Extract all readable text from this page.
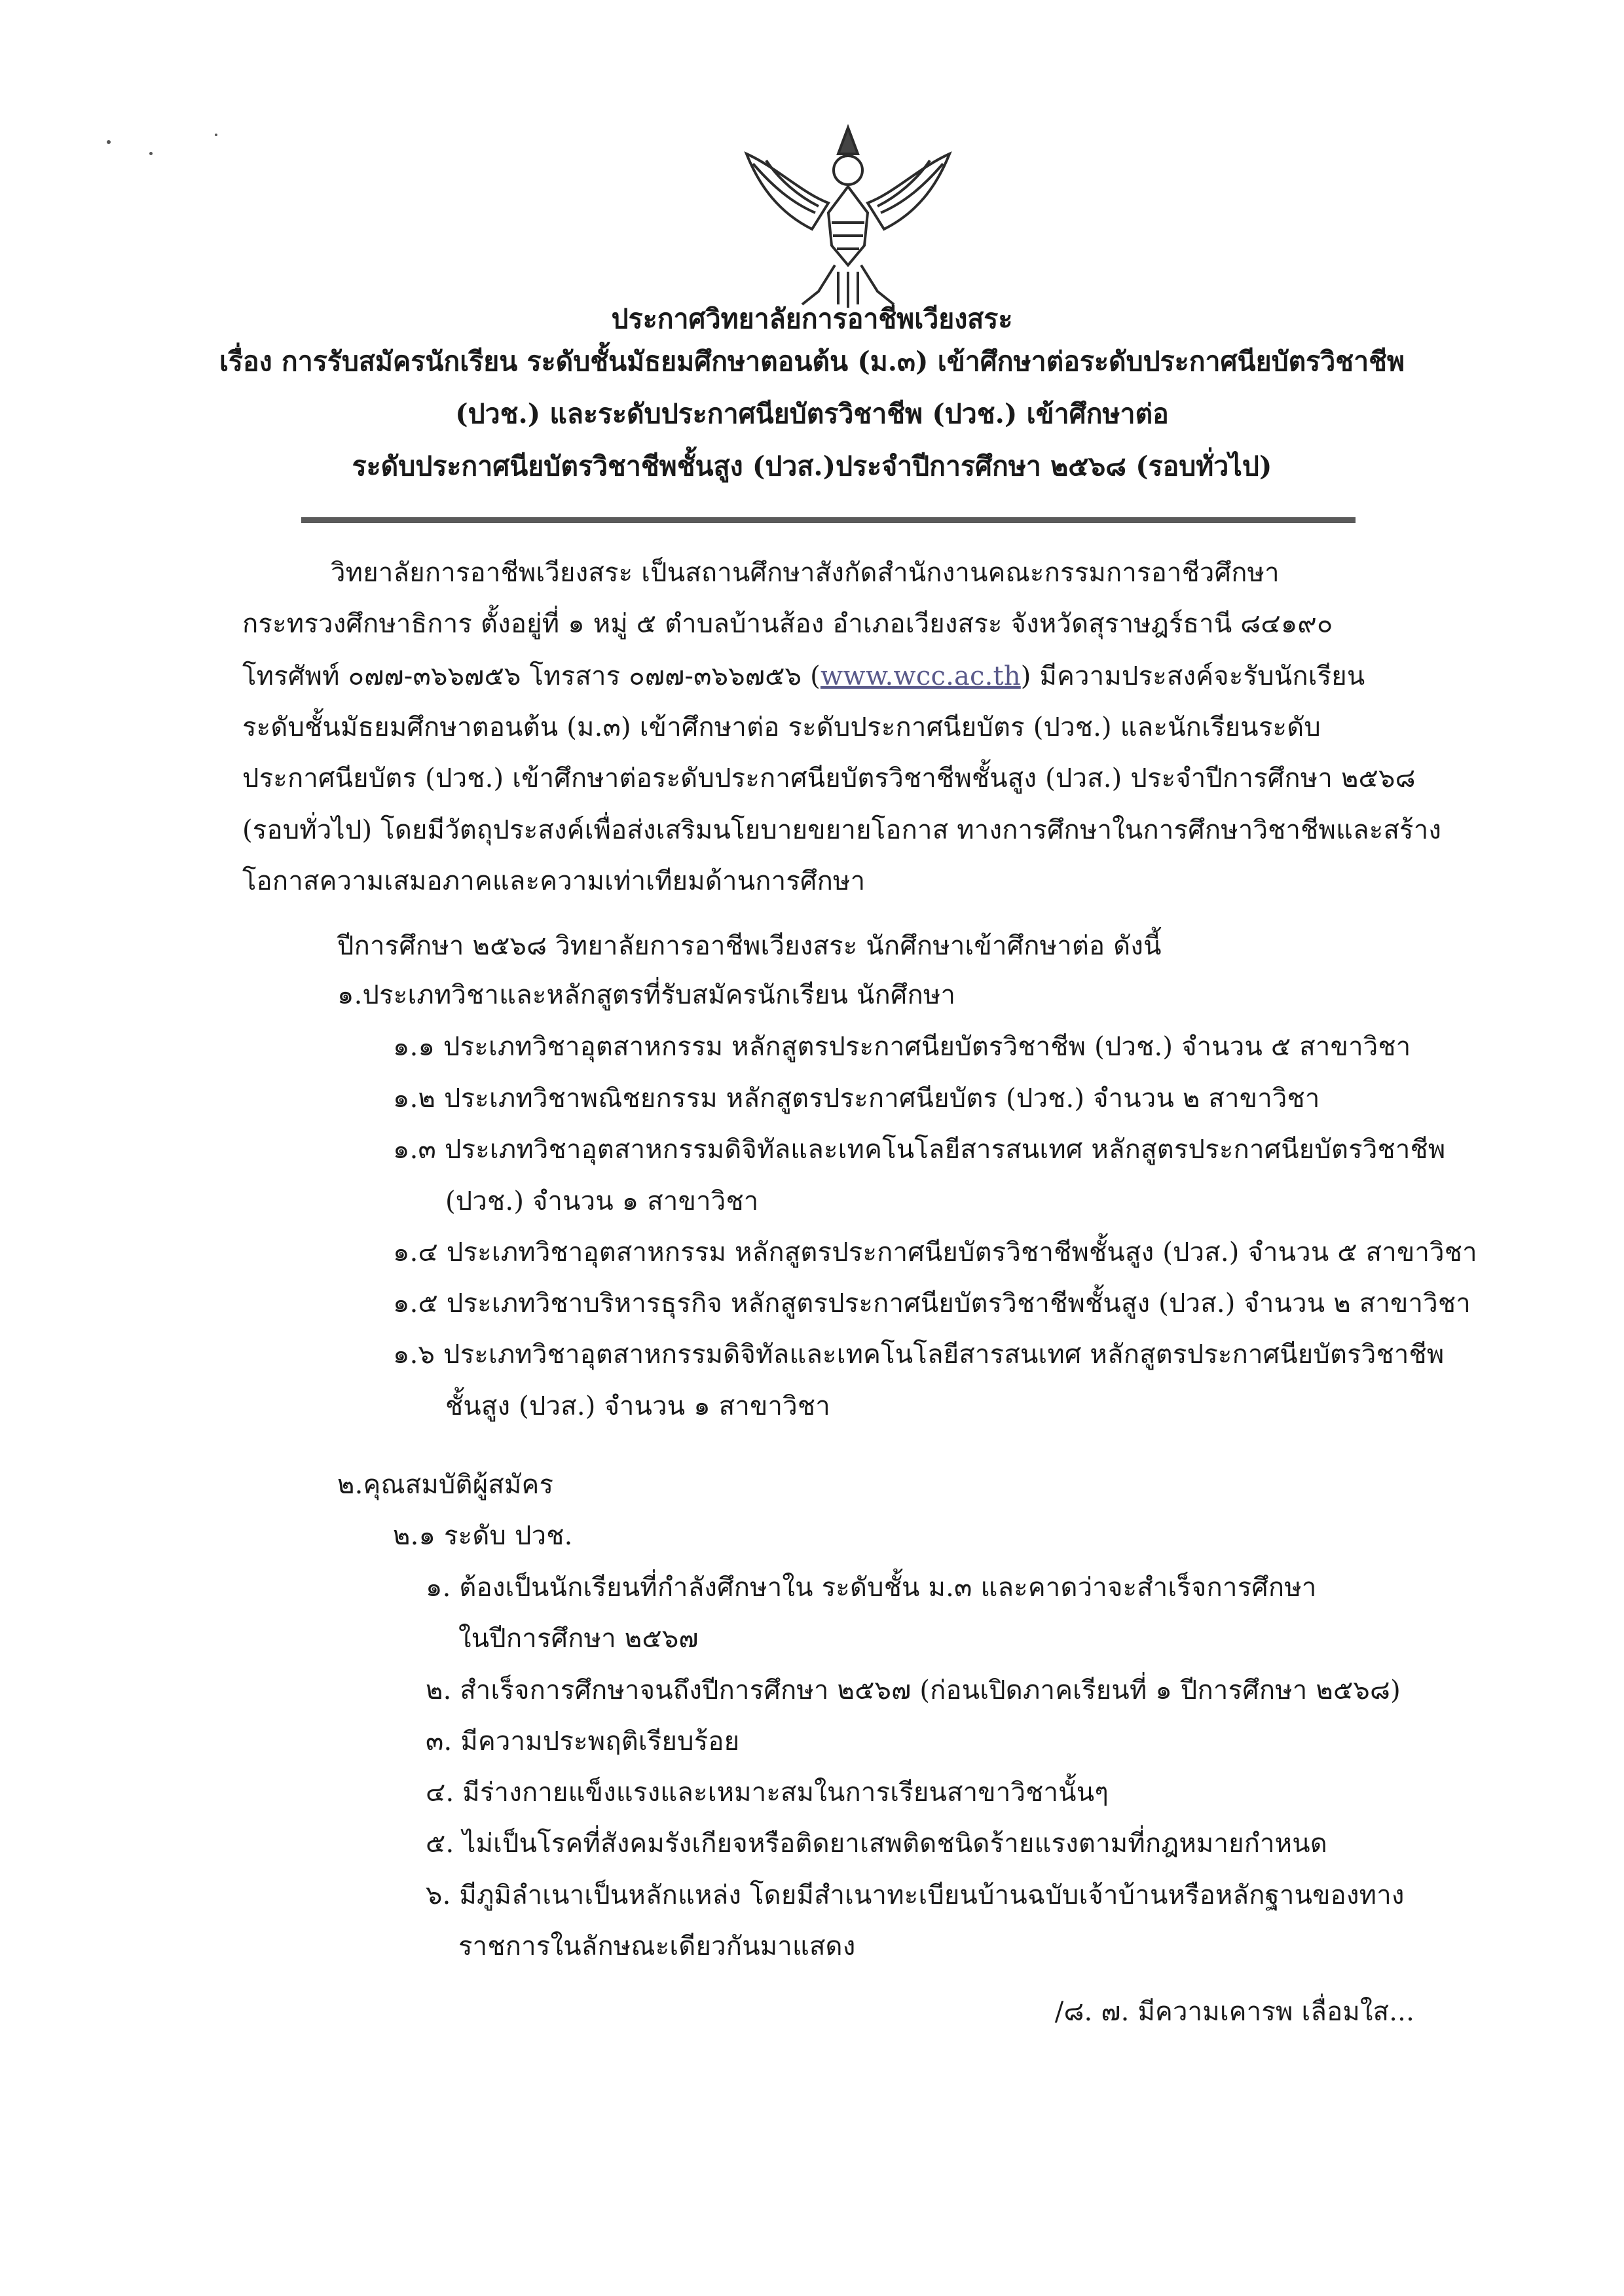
ประกาศวิทยาลัยการอาชีพเวียงสระ
เรื่อง การรับสมัครนักเรียน ระดับชั้นมัธยมศึกษาตอนต้น (ม.๓) เข้าศึกษาต่อระดับประกาศนียบัตรวิชาชีพ
(ปวช.) และระดับประกาศนียบัตรวิชาชีพ (ปวช.) เข้าศึกษาต่อ
ระดับประกาศนียบัตรวิชาชีพชั้นสูง (ปวส.)ประจำปีการศึกษา ๒๕๖๘ (รอบทั่วไป)
วิทยาลัยการอาชีพเวียงสระ เป็นสถานศึกษาสังกัดสำนักงานคณะกรรมการอาชีวศึกษา
กระทรวงศึกษาธิการ ตั้งอยู่ที่ ๑ หมู่ ๕ ตำบลบ้านส้อง อำเภอเวียงสระ จังหวัดสุราษฎร์ธานี ๘๔๑๙๐
โทรศัพท์ ๐๗๗-๓๖๖๗๕๖ โทรสาร ๐๗๗-๓๖๖๗๕๖ (www.wcc.ac.th) มีความประสงค์จะรับนักเรียน
ระดับชั้นมัธยมศึกษาตอนต้น (ม.๓) เข้าศึกษาต่อ ระดับประกาศนียบัตร (ปวช.) และนักเรียนระดับ
ประกาศนียบัตร (ปวช.) เข้าศึกษาต่อระดับประกาศนียบัตรวิชาชีพชั้นสูง (ปวส.) ประจำปีการศึกษา ๒๕๖๘
(รอบทั่วไป) โดยมีวัตถุประสงค์เพื่อส่งเสริมนโยบายขยายโอกาส ทางการศึกษาในการศึกษาวิชาชีพและสร้าง
โอกาสความเสมอภาคและความเท่าเทียมด้านการศึกษา
ปีการศึกษา ๒๕๖๘ วิทยาลัยการอาชีพเวียงสระ นักศึกษาเข้าศึกษาต่อ ดังนี้
๑.ประเภทวิชาและหลักสูตรที่รับสมัครนักเรียน นักศึกษา
๑.๑ ประเภทวิชาอุตสาหกรรม หลักสูตรประกาศนียบัตรวิชาชีพ (ปวช.) จำนวน ๕ สาขาวิชา
๑.๒ ประเภทวิชาพณิชยกรรม หลักสูตรประกาศนียบัตร (ปวช.) จำนวน ๒ สาขาวิชา
๑.๓ ประเภทวิชาอุตสาหกรรมดิจิทัลและเทคโนโลยีสารสนเทศ หลักสูตรประกาศนียบัตรวิชาชีพ
(ปวช.) จำนวน ๑ สาขาวิชา
๑.๔ ประเภทวิชาอุตสาหกรรม หลักสูตรประกาศนียบัตรวิชาชีพชั้นสูง (ปวส.) จำนวน ๕ สาขาวิชา
๑.๕ ประเภทวิชาบริหารธุรกิจ หลักสูตรประกาศนียบัตรวิชาชีพชั้นสูง (ปวส.) จำนวน ๒ สาขาวิชา
๑.๖ ประเภทวิชาอุตสาหกรรมดิจิทัลและเทคโนโลยีสารสนเทศ หลักสูตรประกาศนียบัตรวิชาชีพ
ชั้นสูง (ปวส.) จำนวน ๑ สาขาวิชา
๒.คุณสมบัติผู้สมัคร
๒.๑ ระดับ ปวช.
๑. ต้องเป็นนักเรียนที่กำลังศึกษาใน ระดับชั้น ม.๓ และคาดว่าจะสำเร็จการศึกษา
ในปีการศึกษา ๒๕๖๗
๒. สำเร็จการศึกษาจนถึงปีการศึกษา ๒๕๖๗ (ก่อนเปิดภาคเรียนที่ ๑ ปีการศึกษา ๒๕๖๘)
๓. มีความประพฤติเรียบร้อย
๔. มีร่างกายแข็งแรงและเหมาะสมในการเรียนสาขาวิชานั้นๆ
๕. ไม่เป็นโรคที่สังคมรังเกียจหรือติดยาเสพติดชนิดร้ายแรงตามที่กฎหมายกำหนด
๖. มีภูมิลำเนาเป็นหลักแหล่ง โดยมีสำเนาทะเบียนบ้านฉบับเจ้าบ้านหรือหลักฐานของทาง
ราชการในลักษณะเดียวกันมาแสดง
/๘. ๗. มีความเคารพ เลื่อมใส...
